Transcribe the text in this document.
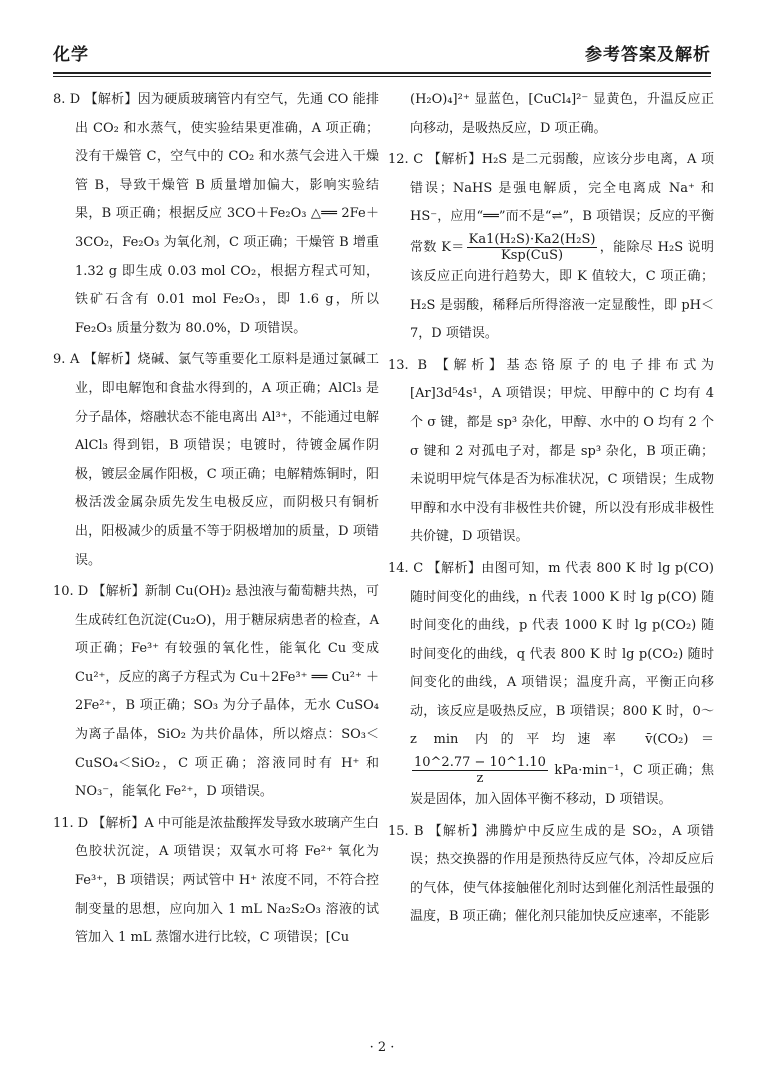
化学	参考答案及解析

8. D 【解析】因为硬质玻璃管内有空气，先通 CO 能排出 CO₂ 和水蒸气，使实验结果更准确，A 项正确；没有干燥管 C，空气中的 CO₂ 和水蒸气会进入干燥管 B，导致干燥管 B 质量增加偏大，影响实验结果，B 项正确；根据反应 3CO＋Fe₂O₃ △══ 2Fe＋3CO₂，Fe₂O₃ 为氧化剂，C 项正确；干燥管 B 增重 1.32 g 即生成 0.03 mol CO₂，根据方程式可知，铁矿石含有 0.01 mol Fe₂O₃，即 1.6 g，所以 Fe₂O₃ 质量分数为 80.0%，D 项错误。

9. A 【解析】烧碱、氯气等重要化工原料是通过氯碱工业，即电解饱和食盐水得到的，A 项正确；AlCl₃ 是分子晶体，熔融状态不能电离出 Al³⁺，不能通过电解 AlCl₃ 得到铝，B 项错误；电镀时，待镀金属作阴极，镀层金属作阳极，C 项正确；电解精炼铜时，阳极活泼金属杂质先发生电极反应，而阴极只有铜析出，阳极减少的质量不等于阴极增加的质量，D 项错误。

10. D 【解析】新制 Cu(OH)₂ 悬浊液与葡萄糖共热，可生成砖红色沉淀(Cu₂O)，用于糖尿病患者的检查，A 项正确；Fe³⁺ 有较强的氧化性，能氧化 Cu 变成 Cu²⁺，反应的离子方程式为 Cu＋2Fe³⁺ ══ Cu²⁺ ＋ 2Fe²⁺，B 项正确；SO₃ 为分子晶体，无水 CuSO₄ 为离子晶体，SiO₂ 为共价晶体，所以熔点：SO₃＜CuSO₄＜SiO₂，C 项正确；溶液同时有 H⁺ 和 NO₃⁻，能氧化 Fe²⁺，D 项错误。

11. D 【解析】A 中可能是浓盐酸挥发导致水玻璃产生白色胶状沉淀，A 项错误；双氧水可将 Fe²⁺ 氧化为 Fe³⁺，B 项错误；两试管中 H⁺ 浓度不同，不符合控制变量的思想，应向加入 1 mL Na₂S₂O₃ 溶液的试管加入 1 mL 蒸馏水进行比较，C 项错误；[Cu

(H₂O)₄]²⁺ 显蓝色，[CuCl₄]²⁻ 显黄色，升温反应正向移动，是吸热反应，D 项正确。

12. C 【解析】H₂S 是二元弱酸，应该分步电离，A 项错误；NaHS 是强电解质，完全电离成 Na⁺ 和 HS⁻，应用“══”而不是“⇌”，B 项错误；反应的平衡常数 $K= \frac{\text{Ka1(H₂S)·Ka2(H₂S)}}{\text{Ksp(CuS)}}$ ，能除尽 H₂S 说明该反应正向进行趋势大，即 K 值较大，C 项正确；H₂S 是弱酸，稀释后所得溶液一定显酸性，即 pH＜7，D 项错误。

13. B 【解析】基态铬原子的电子排布式为 [Ar]3d⁵4s¹，A 项错误；甲烷、甲醇中的 C 均有 4 个 σ 键，都是 sp³ 杂化，甲醇、水中的 O 均有 2 个 σ 键和 2 对孤电子对，都是 sp³ 杂化，B 项正确；未说明甲烷气体是否为标准状况，C 项错误；生成物甲醇和水中没有非极性共价键，所以没有形成非极性共价键，D 项错误。

14. C 【解析】由图可知，m 代表 800 K 时 lg p(CO) 随时间变化的曲线，n 代表 1000 K 时 lg p(CO) 随时间变化的曲线，p 代表 1000 K 时 lg p(CO₂) 随时间变化的曲线，q 代表 800 K 时 lg p(CO₂) 随时间变化的曲线，A 项错误；温度升高，平衡正向移动，该反应是吸热反应，B 项错误；800 K 时，0～z min 内的平均速率 v̄(CO₂)＝
$\frac{10\^{}2.77 - 10\^{}1.10}{z} kPa\cdot\min^{-1}$，C 项正确；焦炭是固体，加入固体平衡不移动，D 项错误。

15. B 【解析】沸腾炉中反应生成的是 SO₂，A 项错误；热交换器的作用是预热待反应气体，冷却反应后的气体，使气体接触催化剂时达到催化剂活性最强的温度，B 项正确；催化剂只能加快反应速率，不能影

· 2 ·
